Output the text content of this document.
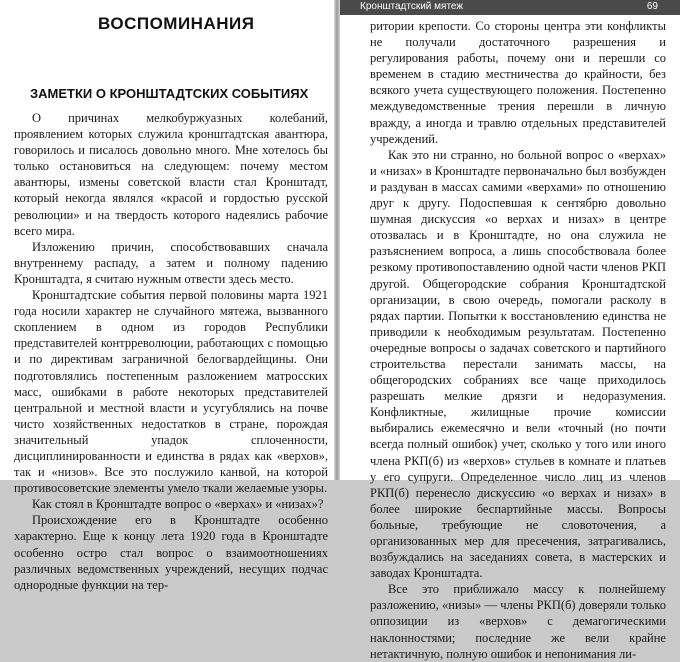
ВОСПОМИНАНИЯ
ЗАМЕТКИ О КРОНШТАДТСКИХ СОБЫТИЯХ

О причинах мелкобуржуазных колебаний, проявлением которых служила кронштадтская авантюра, говорилось и писалось довольно много. Мне хотелось бы только остановиться на следующем: почему местом авантюры, измены советской власти стал Кронштадт, который некогда являлся «красой и гордостью русской революции» и на твердость которого надеялись рабочие всего мира.

Изложению причин, способствовавших сначала внутреннему распаду, а затем и полному падению Кронштадта, я считаю нужным отвести здесь место.

Кронштадтские события первой половины марта 1921 года носили характер не случайного мятежа, вызванного скоплением в одном из городов Республики представителей контрреволюции, работающих с помощью и по директивам заграничной белогвардейщины. Они подготовлялись постепенным разложением матросских масс, ошибками в работе некоторых представителей центральной и местной власти и усугублялись на почве чисто хозяйственных недостатков в стране, порождая значительный упадок сплоченности, дисциплинированности и единства в рядах как «верхов», так и «низов». Все это послужило канвой, на которой противосоветские элементы умело ткали желаемые узоры.

Как стоял в Кронштадте вопрос о «верхах» и «низах»?

Происхождение его в Кронштадте особенно характерно. Еще к концу лета 1920 года в Кронштадте особенно остро стал вопрос о взаимоотношениях различных ведомственных учреждений, несущих подчас однородные функции на тер-

Кронштадтский мятеж	69

ритории крепости. Со стороны центра эти конфликты не получали достаточного разрешения и регулирования работы, почему они и перешли со временем в стадию местничества до крайности, без всякого учета существующего положения. Постепенно междуведомственные трения перешли в личную вражду, а иногда и травлю отдельных представителей учреждений.

Как это ни странно, но больной вопрос о «верхах» и «низах» в Кронштадте первоначально был возбужден и раздуван в массах самими «верхами» по отношению друг к другу. Подоспевшая к сентябрю довольно шумная дискуссия «о верхах и низах» в центре отозвалась и в Кронштадте, но она служила не разъяснением вопроса, а лишь способствовала более резкому противопоставлению одной части членов РКП другой. Общегородские собрания Кронштадтской организации, в свою очередь, помогали расколу в рядах партии. Попытки к восстановлению единства не приводили к необходимым результатам. Постепенно очередные вопросы о задачах советского и партийного строительства перестали занимать массы, на общегородских собраниях все чаще приходилось разрешать мелкие дрязги и недоразумения. Конфликтные, жилищные прочие комиссии выбирались ежемесячно и вели «точный (но почти всегда полный ошибок) учет, сколько у того или иного члена РКП(б) из «верхов» стульев в комнате и платьев у его супруги. Определенное число лиц из членов РКП(б) перенесло дискуссию «о верхах и низах» в более широкие беспартийные массы. Вопросы больные, требующие не словоточения, а организованных мер для пресечения, затрагивались, возбуждались на заседаниях совета, в мастерских и заводах Кронштадта.

Все это приближало массу к полнейшему разложению, «низы» — члены РКП(б) доверяли только оппозиции из «верхов» с демагогическими наклонностями; последние же вели крайне нетактичную, полную ошибок и непонимания ли-
